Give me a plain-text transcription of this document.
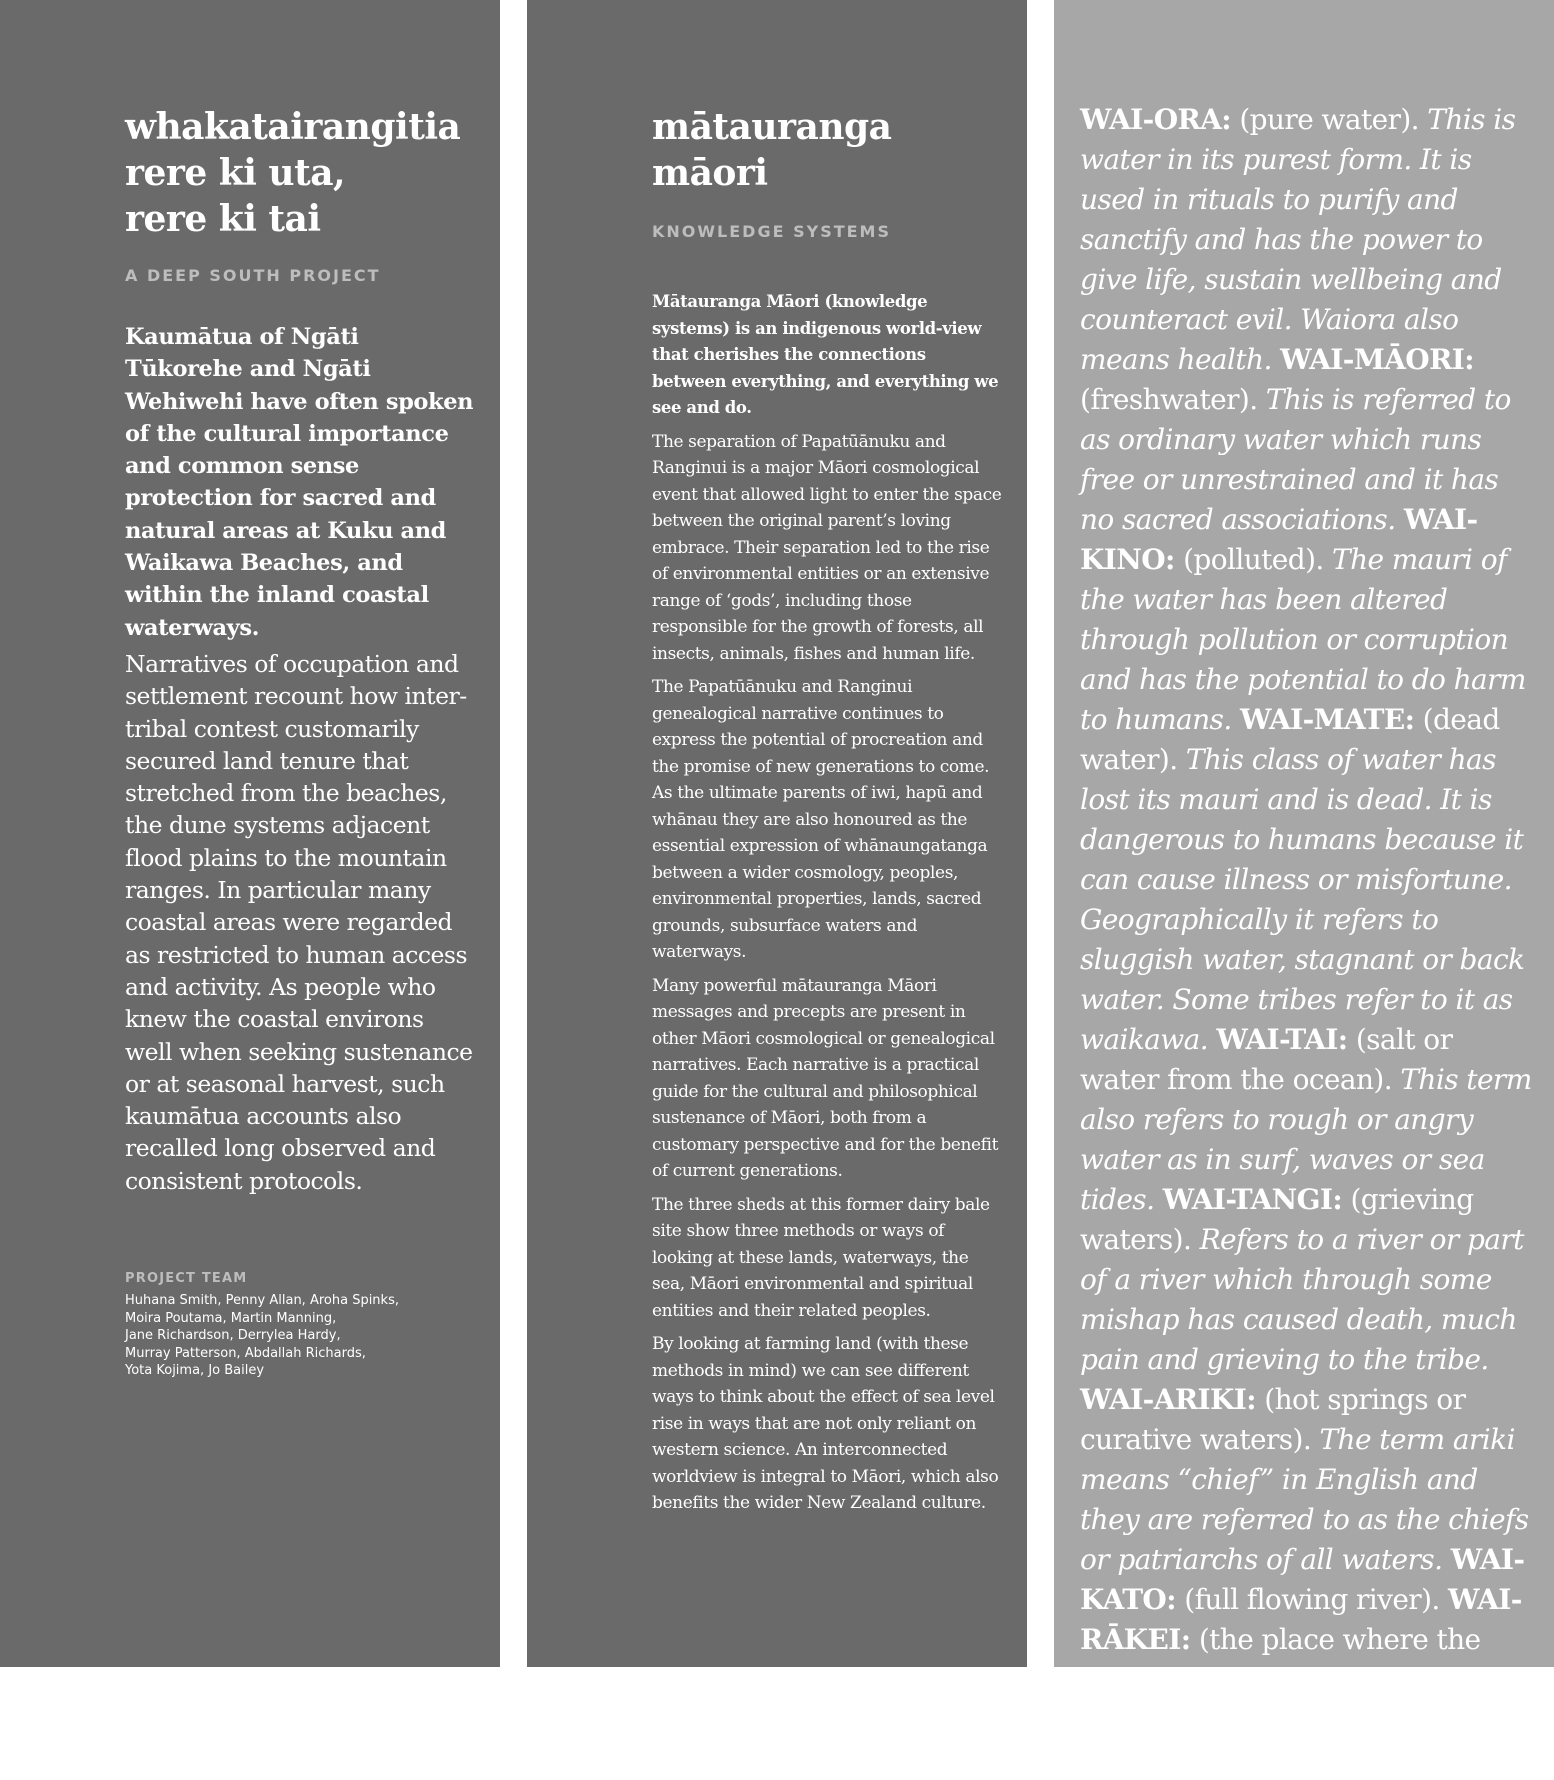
whakatairangitia
rere ki uta,
rere ki tai
A DEEP SOUTH PROJECT

Kaumātua of Ngāti Tūkorehe and Ngāti Wehiwehi have often spoken of the cultural importance and common sense protection for sacred and natural areas at Kuku and Waikawa Beaches, and within the inland coastal waterways.

Narratives of occupation and settlement recount how inter-tribal contest customarily secured land tenure that stretched from the beaches, the dune systems adjacent flood plains to the mountain ranges. In particular many coastal areas were regarded as restricted to human access and activity. As people who knew the coastal environs well when seeking sustenance or at seasonal harvest, such kaumātua accounts also recalled long observed and consistent protocols.

PROJECT TEAM
Huhana Smith, Penny Allan, Aroha Spinks,
Moira Poutama, Martin Manning,
Jane Richardson, Derrylea Hardy,
Murray Patterson, Abdallah Richards,
Yota Kojima, Jo Bailey
mātauranga
māori
KNOWLEDGE SYSTEMS
Mātauranga Māori (knowledge systems) is an indigenous world-view that cherishes the connections between everything, and everything we see and do.
The separation of Papatūānuku and Ranginui is a major Māori cosmological event that allowed light to enter the space between the original parent’s loving embrace. Their separation led to the rise of environmental entities or an extensive range of ‘gods’, including those responsible for the growth of forests, all insects, animals, fishes and human life.
The Papatūānuku and Ranginui genealogical narrative continues to express the potential of procreation and the promise of new generations to come. As the ultimate parents of iwi, hapū and whānau they are also honoured as the essential expression of whānaungatanga between a wider cosmology, peoples, environmental properties, lands, sacred grounds, subsurface waters and waterways.
Many powerful mātauranga Māori messages and precepts are present in other Māori cosmological or genealogical narratives. Each narrative is a practical guide for the cultural and philosophical sustenance of Māori, both from a customary perspective and for the benefit of current generations.
The three sheds at this former dairy bale site show three methods or ways of looking at these lands, waterways, the sea, Māori environmental and spiritual entities and their related peoples.
By looking at farming land (with these methods in mind) we can see different ways to think about the effect of sea level rise in ways that are not only reliant on western science. An interconnected worldview is integral to Māori, which also benefits the wider New Zealand culture.
WAI-ORA: (pure water). This is water in its purest form. It is used in rituals to purify and sanctify and has the power to give life, sustain wellbeing and counteract evil. Waiora also means health. WAI-MĀORI: (freshwater). This is referred to as ordinary water which runs free or unrestrained and it has no sacred associations. WAI-KINO: (polluted). The mauri of the water has been altered through pollution or corruption and has the potential to do harm to humans. WAI-MATE: (dead water). This class of water has lost its mauri and is dead. It is dangerous to humans because it can cause illness or misfortune. Geographically it refers to sluggish water, stagnant or back water. Some tribes refer to it as waikawa. WAI-TAI: (salt or water from the ocean). This term also refers to rough or angry water as in surf, waves or sea tides. WAI-TANGI: (grieving waters). Refers to a river or part of a river which through some mishap has caused death, much pain and grieving to the tribe. WAI-ARIKI: (hot springs or curative waters). The term ariki means “chief” in English and they are referred to as the chiefs or patriarchs of all waters. WAI-KATO: (full flowing river). WAI-RĀKEI: (the place where the pools were used as mirrors). WAI-RARAPA: (the glistening waters).
